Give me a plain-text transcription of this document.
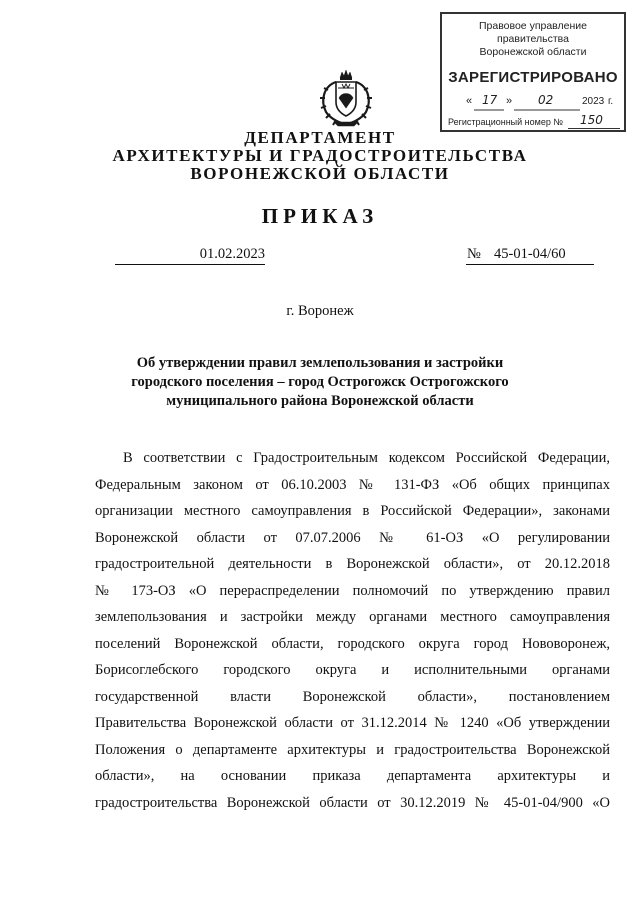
Правовое управление правительства
Воронежской области
ЗАРЕГИСТРИРОВАНО
« 17 » 02	2023 г.
Регистрационный номер № 150
ДЕПАРТАМЕНТ
АРХИТЕКТУРЫ И ГРАДОСТРОИТЕЛЬСТВА
ВОРОНЕЖСКОЙ ОБЛАСТИ
ПРИКАЗ
01.02.2023	№ 45-01-04/60
г. Воронеж
Об утверждении правил землепользования и застройки
городского поселения – город Острогожск Острогожского
муниципального района Воронежской области
В соответствии с Градостроительным кодексом Российской Федерации,
Федеральным законом от 06.10.2003 № 131-ФЗ «Об общих принципах
организации местного самоуправления в Российской Федерации», законами
Воронежской области от 07.07.2006 № 61-ОЗ «О регулировании
градостроительной деятельности в Воронежской области», от 20.12.2018
№ 173-ОЗ «О перераспределении полномочий по утверждению правил
землепользования и застройки между органами местного самоуправления
поселений Воронежской области, городского округа город Нововоронеж,
Борисоглебского городского округа и исполнительными органами
государственной власти Воронежской области», постановлением
Правительства Воронежской области от 31.12.2014 № 1240 «Об утверждении
Положения о департаменте архитектуры и градостроительства Воронежской
области», на основании приказа департамента архитектуры и
градостроительства Воронежской области от 30.12.2019 № 45-01-04/900 «О
